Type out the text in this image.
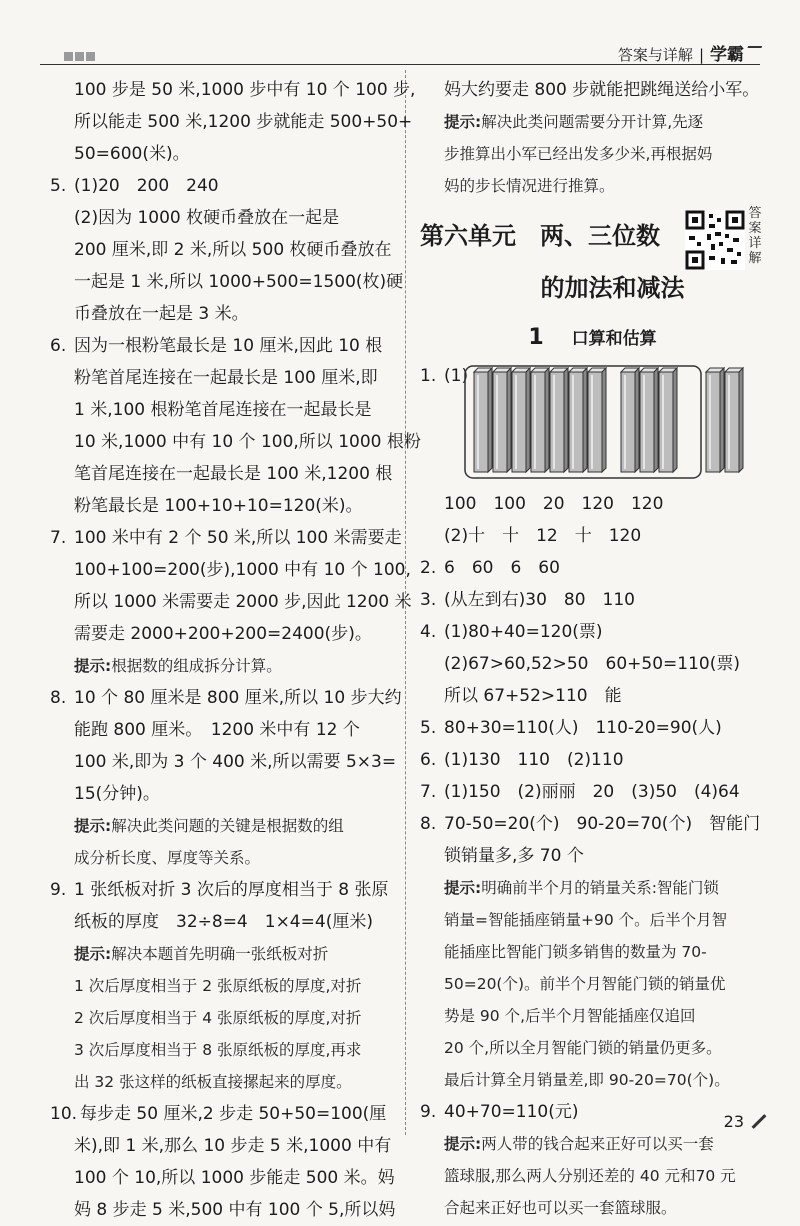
答案与详解 | 学霸
100 步是 50 米,1000 步中有 10 个 100 步,
所以能走 500 米,1200 步就能走 500+50+
50=600(米)。
5. (1)20　200　240
(2)因为 1000 枚硬币叠放在一起是
200 厘米,即 2 米,所以 500 枚硬币叠放在
一起是 1 米,所以 1000+500=1500(枚)硬
币叠放在一起是 3 米。
6. 因为一根粉笔最长是 10 厘米,因此 10 根
粉笔首尾连接在一起最长是 100 厘米,即
1 米,100 根粉笔首尾连接在一起最长是
10 米,1000 中有 10 个 100,所以 1000 根粉
笔首尾连接在一起最长是 100 米,1200 根
粉笔最长是 100+10+10=120(米)。
7. 100 米中有 2 个 50 米,所以 100 米需要走
100+100=200(步),1000 中有 10 个 100,
所以 1000 米需要走 2000 步,因此 1200 米
需要走 2000+200+200=2400(步)。
提示:根据数的组成拆分计算。
8. 10 个 80 厘米是 800 厘米,所以 10 步大约
能跑 800 厘米。　1200 米中有 12 个
100 米,即为 3 个 400 米,所以需要 5×3=
15(分钟)。
提示:解决此类问题的关键是根据数的组
成分析长度、厚度等关系。
9. 1 张纸板对折 3 次后的厚度相当于 8 张原
纸板的厚度　32÷8=4　1×4=4(厘米)
提示:解决本题首先明确一张纸板对折
1 次后厚度相当于 2 张原纸板的厚度,对折
2 次后厚度相当于 4 张原纸板的厚度,对折
3 次后厚度相当于 8 张原纸板的厚度,再求
出 32 张这样的纸板直接摞起来的厚度。
10. 每步走 50 厘米,2 步走 50+50=100(厘
米),即 1 米,那么 10 步走 5 米,1000 中有
100 个 10,所以 1000 步能走 500 米。妈
妈 8 步走 5 米,500 中有 100 个 5,所以妈
妈大约要走 800 步就能把跳绳送给小军。
提示:解决此类问题需要分开计算,先逐
步推算出小军已经出发多少米,再根据妈
妈的步长情况进行推算。
第六单元　两、三位数
的加法和减法
答案详解
1 口算和估算
1. (1)
100　100　20　120　120
(2)十　十　12　十　120
2. 6　60　6　60
3. (从左到右)30　80　110
4. (1)80+40=120(票)
(2)67>60,52>50　60+50=110(票)
所以 67+52>110　能
5. 80+30=110(人)　110-20=90(人)
6. (1)130　110　(2)110
7. (1)150　(2)丽丽　20　(3)50　(4)64
8. 70-50=20(个)　90-20=70(个)　智能门
锁销量多,多 70 个
提示:明确前半个月的销量关系:智能门锁
销量=智能插座销量+90 个。后半个月智
能插座比智能门锁多销售的数量为 70-
50=20(个)。前半个月智能门锁的销量优
势是 90 个,后半个月智能插座仅追回
20 个,所以全月智能门锁的销量仍更多。
最后计算全月销量差,即 90-20=70(个)。
9. 40+70=110(元)
提示:两人带的钱合起来正好可以买一套
篮球服,那么两人分别还差的 40 元和70 元
合起来正好也可以买一套篮球服。
23
